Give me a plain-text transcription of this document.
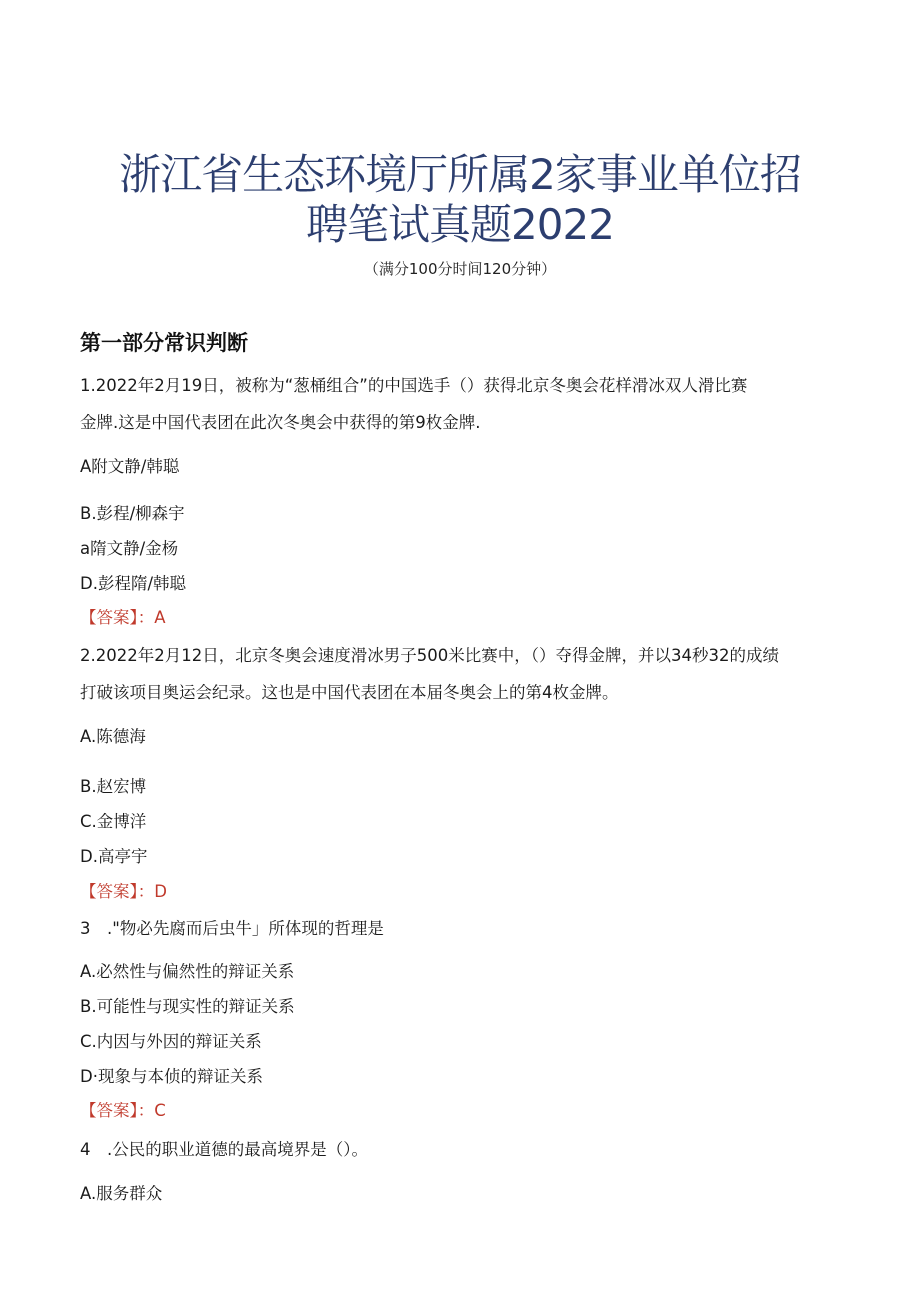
浙江省生态环境厅所属2家事业单位招
聘笔试真题2022
（满分100分时间120分钟）
第一部分常识判断
1.2022年2月19日，被称为“葱桶组合”的中国选手（）获得北京冬奥会花样滑冰双人滑比赛
金牌.这是中国代表团在此次冬奥会中获得的第9枚金牌.
A附文静/韩聪
B.彭程/柳森宇
a隋文静/金杨
D.彭程隋/韩聪
【答案】：A
2.2022年2月12日，北京冬奥会速度滑冰男子500米比赛中，（）夺得金牌，并以34秒32的成绩
打破该项目奥运会纪录。这也是中国代表团在本届冬奥会上的第4枚金牌。
A.陈德海
B.赵宏博
C.金博洋
D.高亭宇
【答案】：D
3　."物必先腐而后虫牛」所体现的哲理是
A.必然性与偏然性的辩证关系
B.可能性与现实性的辩证关系
C.内因与外因的辩证关系
D·现象与本侦的辩证关系
【答案】：C
4　.公民的职业道德的最高境界是（）。
A.服务群众
